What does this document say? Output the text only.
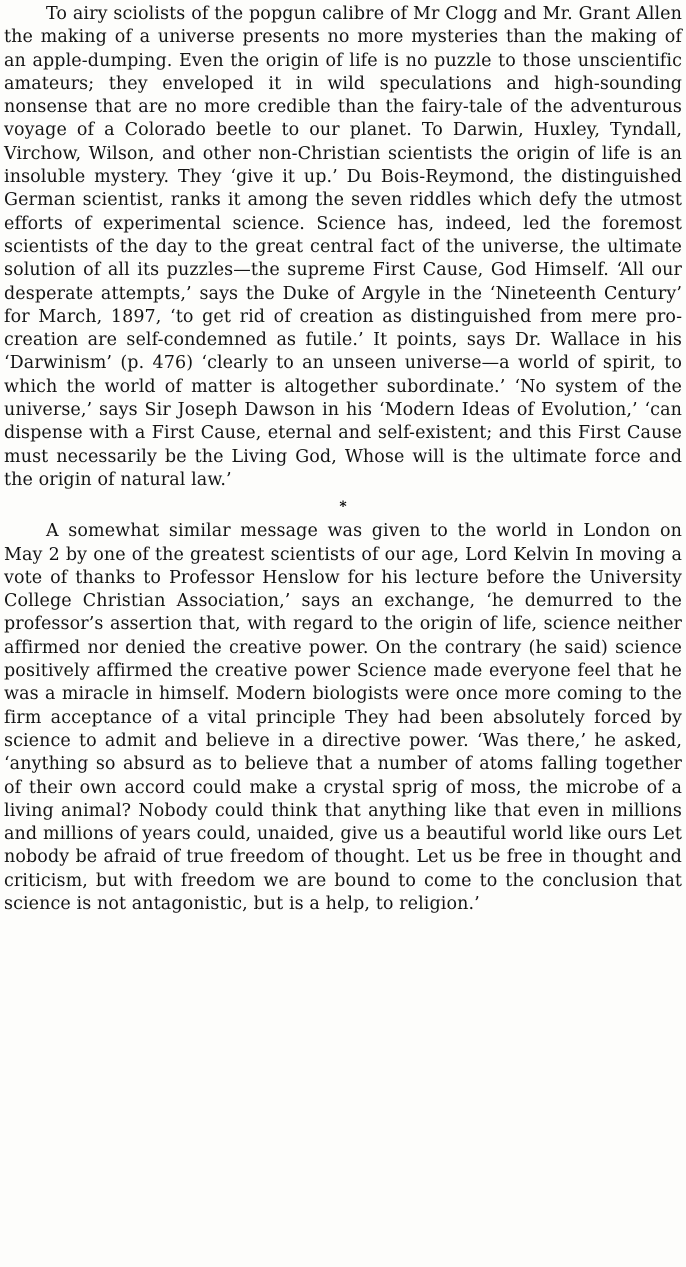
To airy sciolists of the popgun calibre of Mr Clogg and Mr. Grant Allen the making of a universe presents no more mysteries than the making of an apple-dumping. Even the origin of life is no puzzle to those unscientific amateurs; they enveloped it in wild speculations and high-sounding nonsense that are no more credible than the fairy-tale of the adventurous voyage of a Colorado beetle to our planet. To Darwin, Huxley, Tyndall, Virchow, Wilson, and other non-Christian scientists the origin of life is an insoluble mystery. They ‘give it up.’ Du Bois-Reymond, the distinguished German scientist, ranks it among the seven riddles which defy the utmost efforts of experimental science. Science has, indeed, led the foremost scientists of the day to the great central fact of the universe, the ultimate solution of all its puzzles—the supreme First Cause, God Himself. ‘All our desperate attempts,’ says the Duke of Argyle in the ‘Nineteenth Century’ for March, 1897, ‘to get rid of creation as distinguished from mere procreation are self-condemned as futile.’ It points, says Dr. Wallace in his ‘Darwinism’ (p. 476) ‘clearly to an unseen universe—a world of spirit, to which the world of matter is altogether subordinate.’ ‘No system of the universe,’ says Sir Joseph Dawson in his ‘Modern Ideas of Evolution,’ ‘can dispense with a First Cause, eternal and self-existent; and this First Cause must necessarily be the Living God, Whose will is the ultimate force and the origin of natural law.’

*

A somewhat similar message was given to the world in London on May 2 by one of the greatest scientists of our age, Lord Kelvin In moving a vote of thanks to Professor Henslow for his lecture before the University College Christian Association,’ says an exchange, ‘he demurred to the professor’s assertion that, with regard to the origin of life, science neither affirmed nor denied the creative power. On the contrary (he said) science positively affirmed the creative power Science made everyone feel that he was a miracle in himself. Modern biologists were once more coming to the firm acceptance of a vital principle They had been absolutely forced by science to admit and believe in a directive power. ‘Was there,’ he asked, ‘anything so absurd as to believe that a number of atoms falling together of their own accord could make a crystal sprig of moss, the microbe of a living animal? Nobody could think that anything like that even in millions and millions of years could, unaided, give us a beautiful world like ours Let nobody be afraid of true freedom of thought. Let us be free in thought and criticism, but with freedom we are bound to come to the conclusion that science is not antagonistic, but is a help, to religion.’
